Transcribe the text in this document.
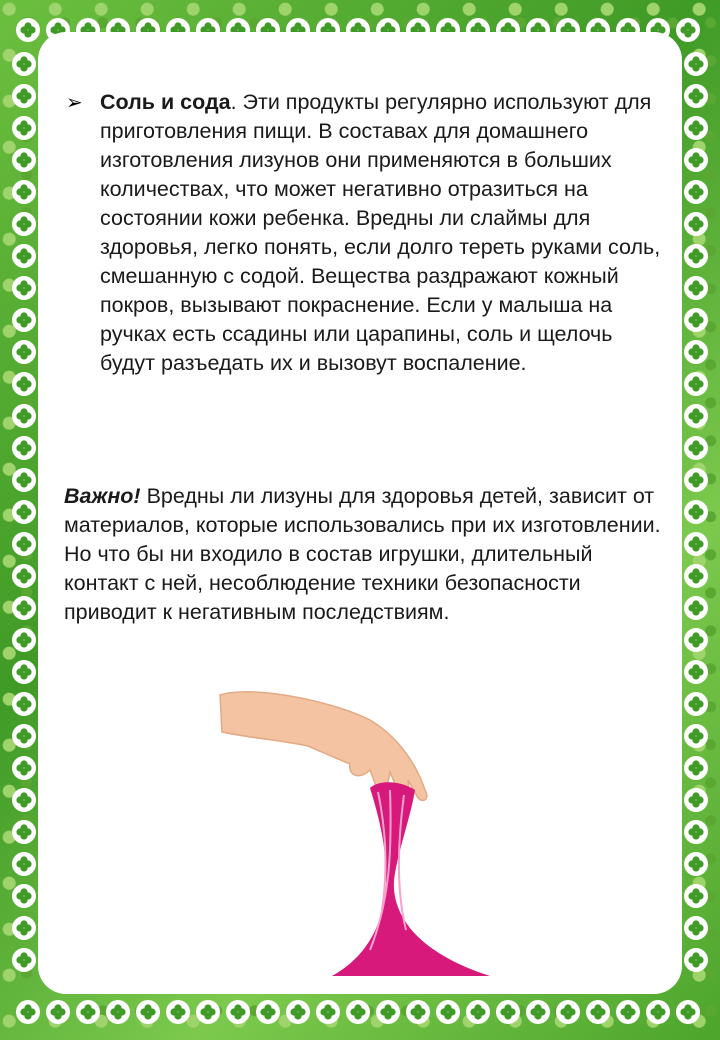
➢ Соль и сода. Эти продукты регулярно используют для приготовления пищи. В составах для домашнего изготовления лизунов они применяются в больших количествах, что может негативно отразиться на состоянии кожи ребенка. Вредны ли слаймы для здоровья, легко понять, если долго тереть руками соль, смешанную с содой. Вещества раздражают кожный покров, вызывают покраснение. Если у малыша на ручках есть ссадины или царапины, соль и щелочь будут разъедать их и вызовут воспаление.
Важно! Вредны ли лизуны для здоровья детей, зависит от материалов, которые использовались при их изготовлении. Но что бы ни входило в состав игрушки, длительный контакт с ней, несоблюдение техники безопасности приводит к негативным последствиям.
